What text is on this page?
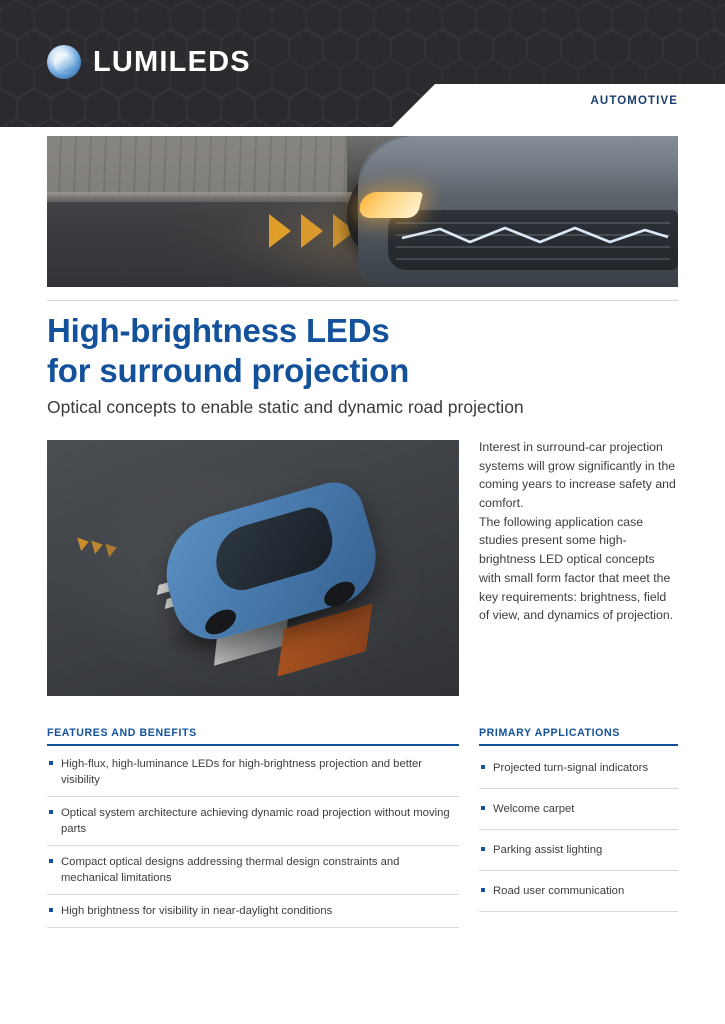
LUMILEDS
AUTOMOTIVE
High-brightness LEDs
for surround projection
Optical concepts to enable static and dynamic road projection

Interest in surround-car projection systems will grow significantly in the coming years to increase safety and comfort.

The following application case studies present some high-brightness LED optical concepts with small form factor that meet the key requirements: brightness, field of view, and dynamics of projection.

FEATURES AND BENEFITS	PRIMARY APPLICATIONS
High-flux, high-luminance LEDs for high-brightness projection and better visibility
Optical system architecture achieving dynamic road projection without moving parts
Compact optical designs addressing thermal design constraints and mechanical limitations
High brightness for visibility in near-daylight conditions
Projected turn-signal indicators
Welcome carpet
Parking assist lighting
Road user communication
